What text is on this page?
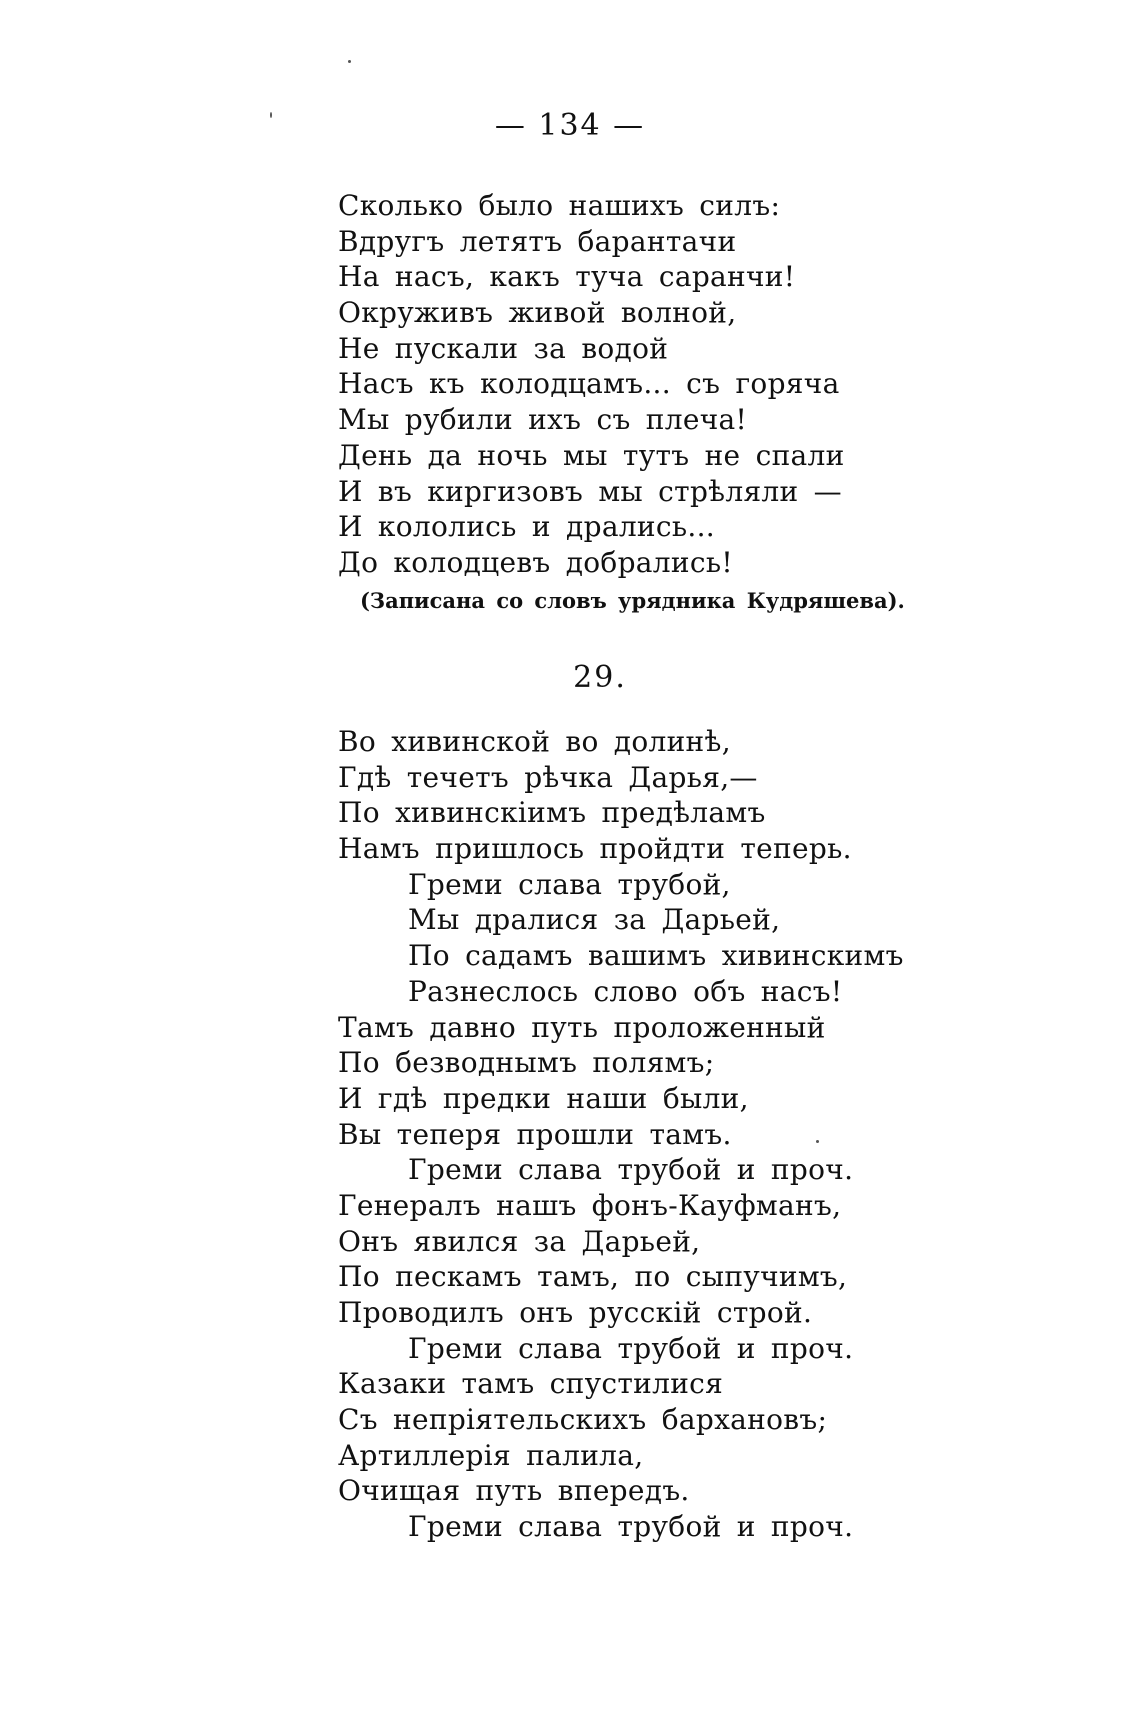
— 134 —
Сколько было нашихъ силъ:
Вдругъ летятъ барантачи
На насъ, какъ туча саранчи!
Окруживъ живой волной,
Не пускали за водой
Насъ къ колодцамъ... съ горяча
Мы рубили ихъ съ плеча!
День да ночь мы тутъ не спали
И въ киргизовъ мы стрѣляли —
И кололись и дрались...
До колодцевъ добрались!
(Записана со словъ урядника Кудряшева).
29.
Во хивинской во долинѣ,
Гдѣ течетъ рѣчка Дарья,—
По хивинскіимъ предѣламъ
Намъ пришлось пройдти теперь.
Греми слава трубой,
Мы дралися за Дарьей,
По садамъ вашимъ хивинскимъ
Разнеслось слово объ насъ!
Тамъ давно путь проложенный
По безводнымъ полямъ;
И гдѣ предки наши были,
Вы теперя прошли тамъ.
Греми слава трубой и проч.
Генералъ нашъ фонъ-Кауфманъ,
Онъ явился за Дарьей,
По пескамъ тамъ, по сыпучимъ,
Проводилъ онъ русскій строй.
Греми слава трубой и проч.
Казаки тамъ спустилися
Съ непріятельскихъ бархановъ;
Артиллерія палила,
Очищая путь впередъ.
Греми слава трубой и проч.
